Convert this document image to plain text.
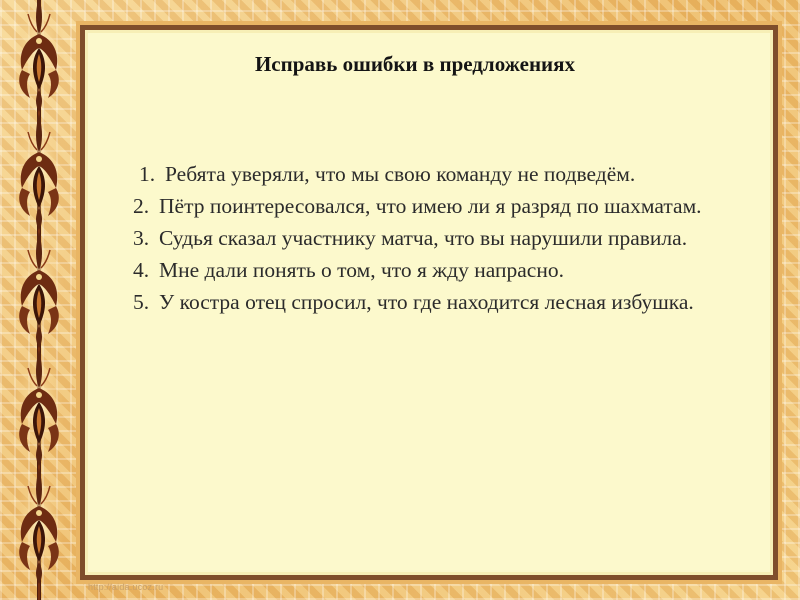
Исправь ошибки в предложениях
1. Ребята уверяли, что мы свою команду не подведём.
2. Пётр поинтересовался, что имею ли я разряд по шахматам.
3. Судья сказал участнику матча, что вы нарушили правила.
4. Мне дали понять о том, что я жду напрасно.
5. У костра отец спросил, что где находится лесная избушка.
http://aida.ucoz.ru
